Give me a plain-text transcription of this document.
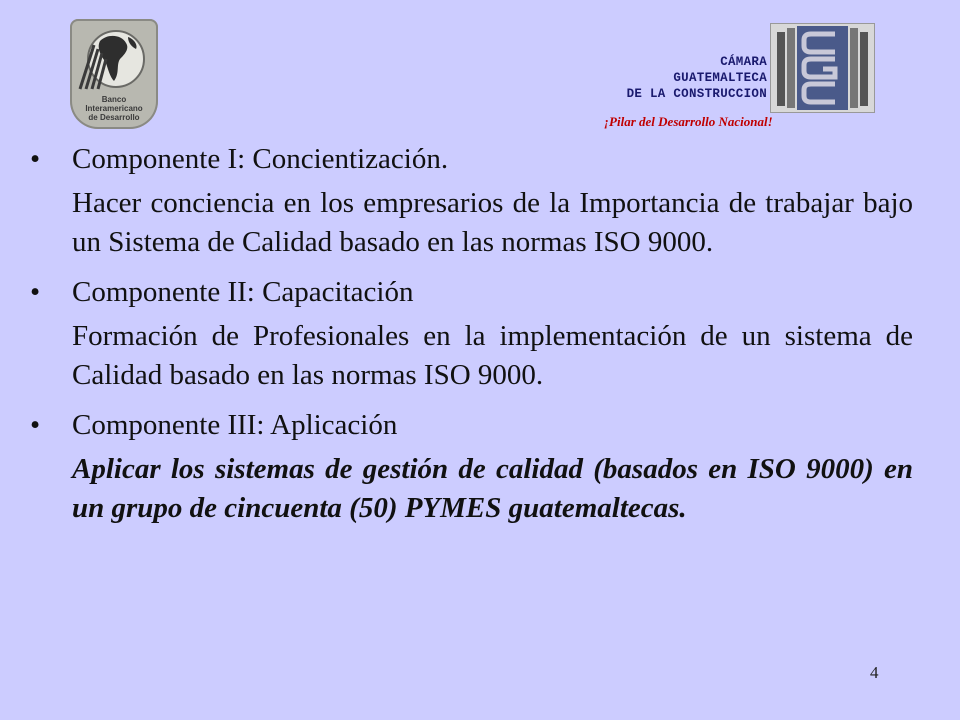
Banco
Interamericano
de Desarrollo
CÁMARA
GUATEMALTECA
DE LA CONSTRUCCION
¡Pilar del Desarrollo Nacional!
•	Componente I: Concientización.
Hacer conciencia en los empresarios de la Importancia de trabajar bajo un Sistema de Calidad basado en las normas ISO 9000.
•	Componente II: Capacitación
Formación de Profesionales en la implementación de un sistema de Calidad basado en las normas ISO 9000.
•	Componente III: Aplicación
Aplicar los sistemas de gestión de calidad (basados en ISO 9000) en un grupo de cincuenta (50) PYMES guatemaltecas.
4
